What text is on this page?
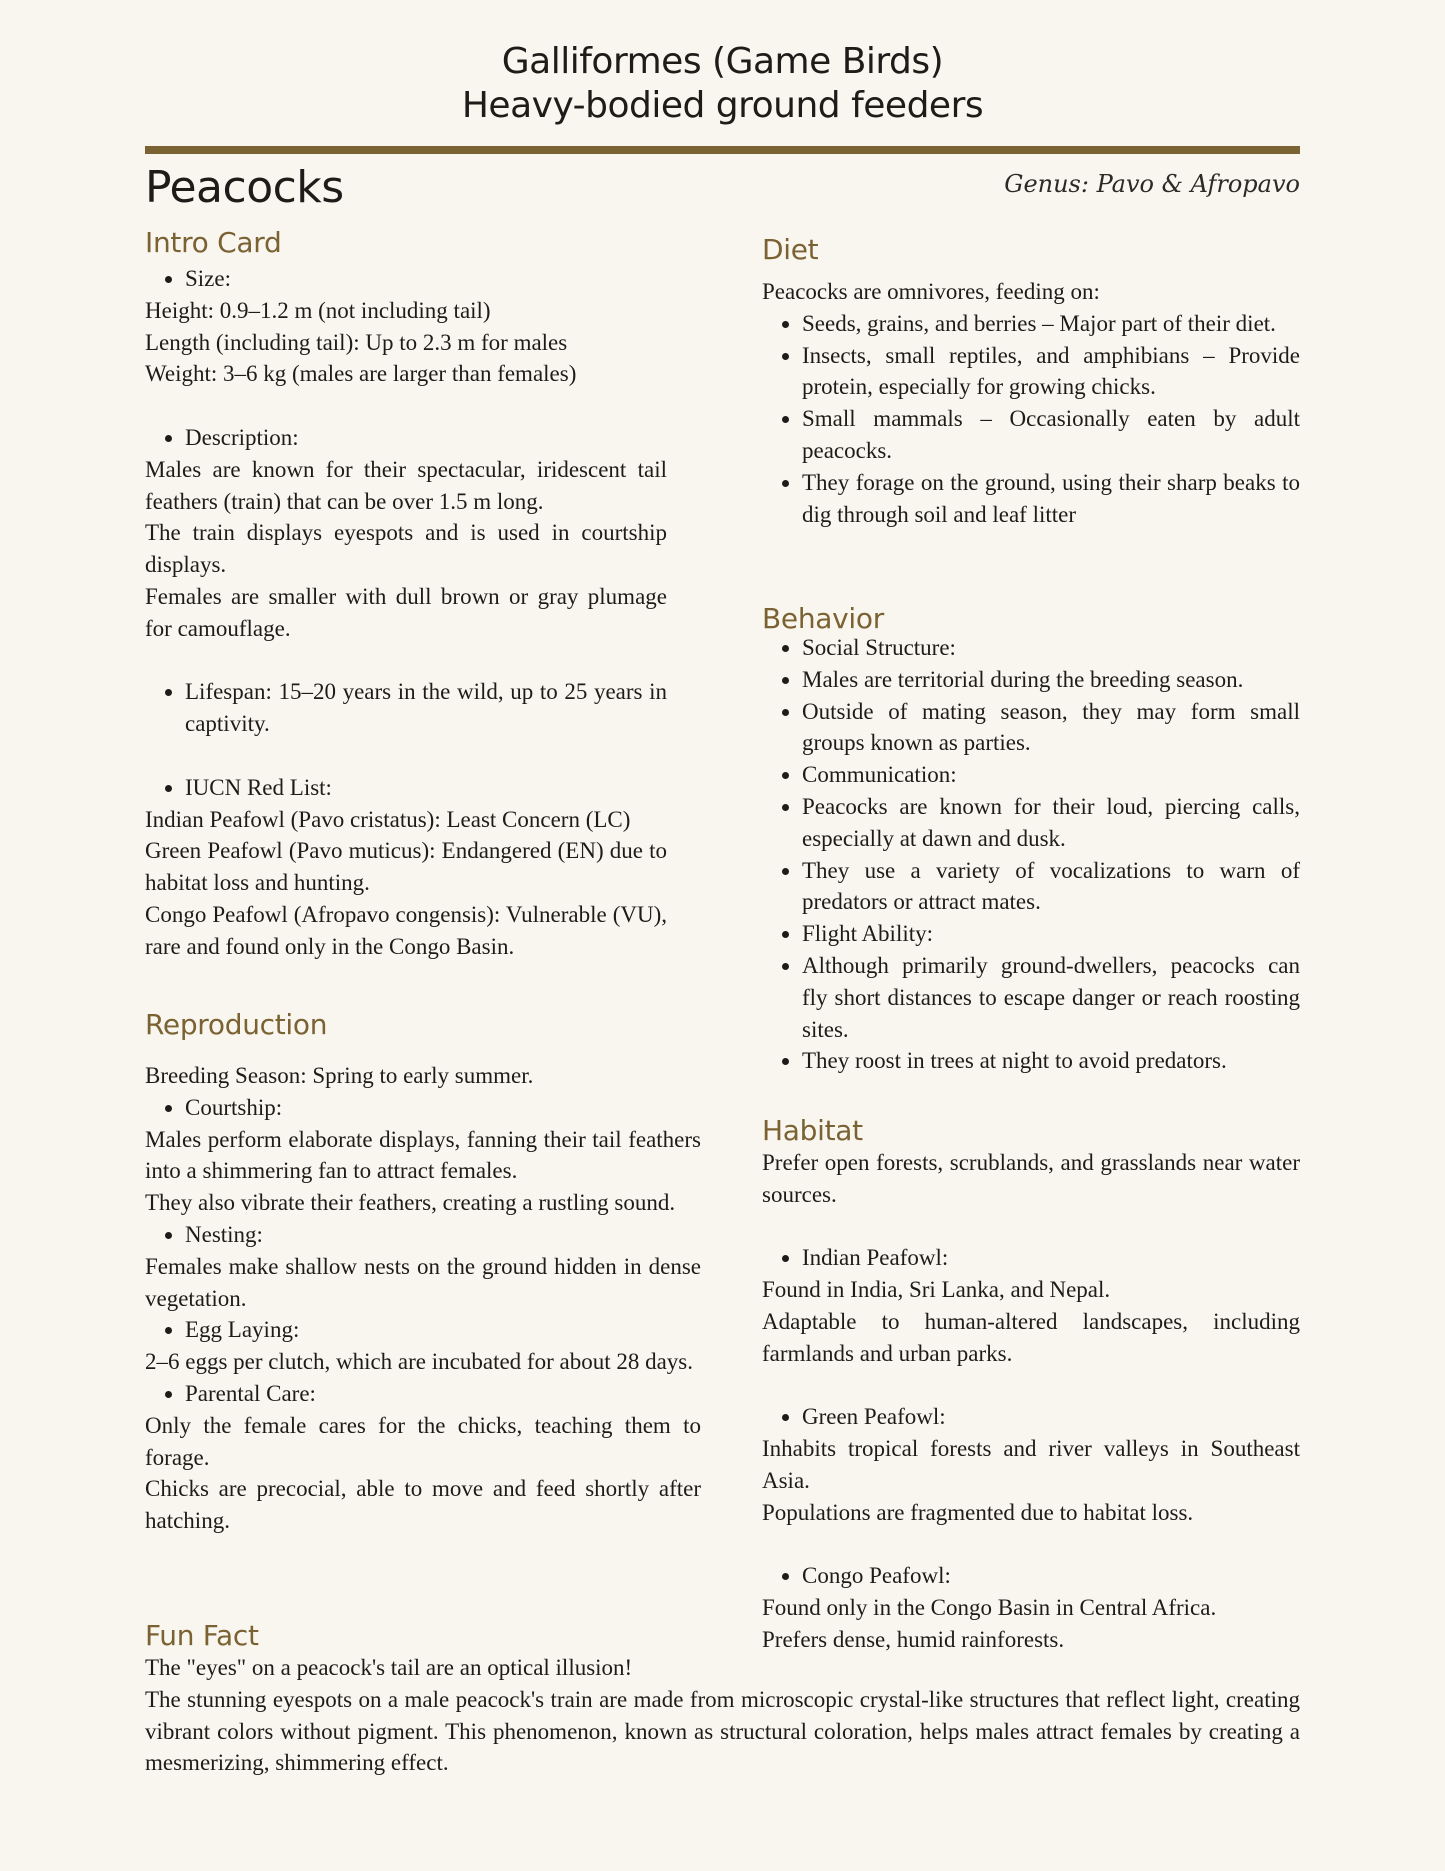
Galliformes (Game Birds)
Heavy-bodied ground feeders
Peacocks	Genus: Pavo & Afropavo
Intro Card
• Size:

Height: 0.9–1.2 m (not including tail)

Length (including tail): Up to 2.3 m for males

Weight: 3–6 kg (males are larger than females)

• Description:

Males are known for their spectacular, iridescent tail feathers (train) that can be over 1.5 m long.

The train displays eyespots and is used in courtship displays.

Females are smaller with dull brown or gray plumage for camouflage.

• Lifespan: 15–20 years in the wild, up to 25 years in captivity.
• IUCN Red List:

Indian Peafowl (Pavo cristatus): Least Concern (LC)

Green Peafowl (Pavo muticus): Endangered (EN) due to habitat loss and hunting.

Congo Peafowl (Afropavo congensis): Vulnerable (VU), rare and found only in the Congo Basin.

Reproduction

Breeding Season: Spring to early summer.

• Courtship:

Males perform elaborate displays, fanning their tail feathers into a shimmering fan to attract females.

They also vibrate their feathers, creating a rustling sound.

• Nesting:

Females make shallow nests on the ground hidden in dense vegetation.

• Egg Laying:

2–6 eggs per clutch, which are incubated for about 28 days.

• Parental Care:

Only the female cares for the chicks, teaching them to forage.

Chicks are precocial, able to move and feed shortly after hatching.

Diet

Peacocks are omnivores, feeding on:

• Seeds, grains, and berries – Major part of their diet.
• Insects, small reptiles, and amphibians – Provide protein, especially for growing chicks.
• Small mammals – Occasionally eaten by adult peacocks.
• They forage on the ground, using their sharp beaks to dig through soil and leaf litter
Behavior
• Social Structure:
• Males are territorial during the breeding season.
• Outside of mating season, they may form small groups known as parties.
• Communication:
• Peacocks are known for their loud, piercing calls, especially at dawn and dusk.
• They use a variety of vocalizations to warn of predators or attract mates.
• Flight Ability:
• Although primarily ground-dwellers, peacocks can fly short distances to escape danger or reach roosting sites.
• They roost in trees at night to avoid predators.
Habitat

Prefer open forests, scrublands, and grasslands near water sources.

• Indian Peafowl:

Found in India, Sri Lanka, and Nepal.

Adaptable to human-altered landscapes, including farmlands and urban parks.

• Green Peafowl:

Inhabits tropical forests and river valleys in Southeast Asia.

Populations are fragmented due to habitat loss.

• Congo Peafowl:

Found only in the Congo Basin in Central Africa.

Prefers dense, humid rainforests.

Fun Fact

The "eyes" on a peacock's tail are an optical illusion!

The stunning eyespots on a male peacock's train are made from microscopic crystal-like structures that reflect light, creating vibrant colors without pigment. This phenomenon, known as structural coloration, helps males attract females by creating a mesmerizing, shimmering effect.
